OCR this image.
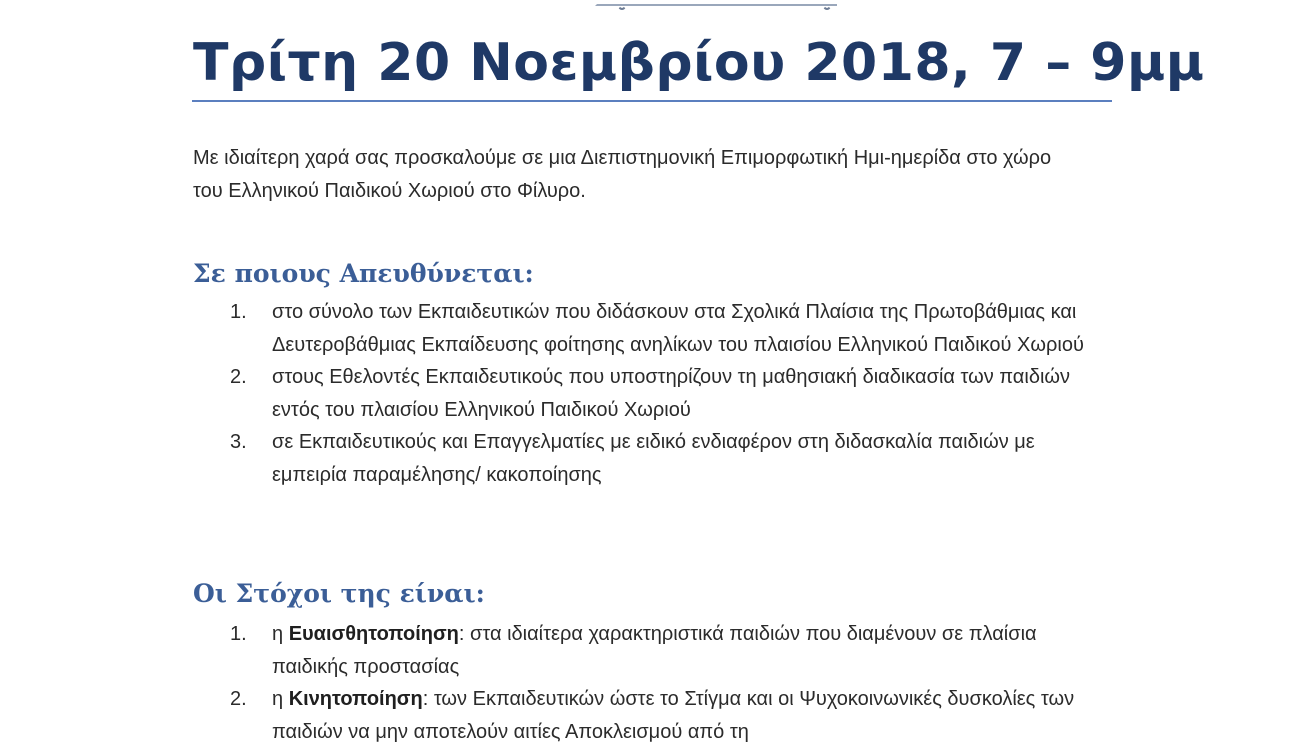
Τρίτη 20 Νοεμβρίου 2018, 7 – 9μμ

Με ιδιαίτερη χαρά σας προσκαλούμε σε μια Διεπιστημονική Επιμορφωτική Ημι-ημερίδα στο χώρο του Ελληνικού Παιδικού Χωριού στο Φίλυρο.

Σε ποιους Απευθύνεται:
1. στο σύνολο των Εκπαιδευτικών που διδάσκουν στα Σχολικά Πλαίσια της Πρωτοβάθμιας και Δευτεροβάθμιας Εκπαίδευσης φοίτησης ανηλίκων του πλαισίου Ελληνικού Παιδικού Χωριού
2. στους Εθελοντές Εκπαιδευτικούς που υποστηρίζουν τη μαθησιακή διαδικασία των παιδιών εντός του πλαισίου Ελληνικού Παιδικού Χωριού
3. σε Εκπαιδευτικούς και Επαγγελματίες με ειδικό ενδιαφέρον στη διδασκαλία παιδιών με εμπειρία παραμέλησης/ κακοποίησης
Οι Στόχοι της είναι:
1. η Ευαισθητοποίηση: στα ιδιαίτερα χαρακτηριστικά παιδιών που διαμένουν σε πλαίσια παιδικής προστασίας
2. η Κινητοποίηση: των Εκπαιδευτικών ώστε το Στίγμα και οι Ψυχοκοινωνικές δυσκολίες των παιδιών να μην αποτελούν αιτίες Αποκλεισμού από τη
